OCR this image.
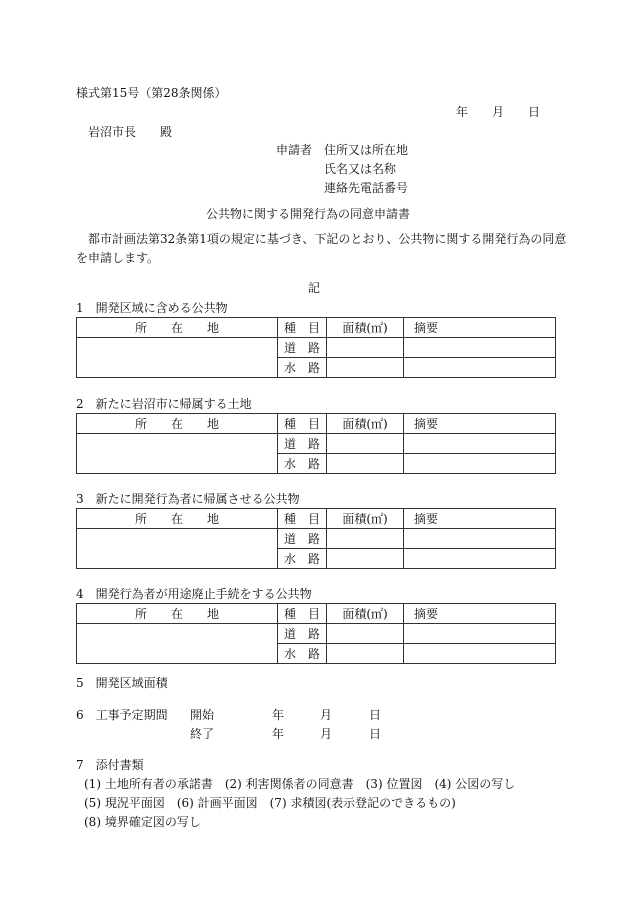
様式第15号（第28条関係）
年　　月　　日
岩沼市長　　殿
申請者 住所又は所在地
氏名又は名称
連絡先電話番号
公共物に関する開発行為の同意申請書
都市計画法第32条第1項の規定に基づき、下記のとおり、公共物に関する開発行為の同意
を申請します。
記
1　開発区域に含める公共物
所　　在　　地	種　目	面積(㎡)	摘要
	道　路		
	水　路		
2　新たに岩沼市に帰属する土地
所　　在　　地	種　目	面積(㎡)	摘要
	道　路		
	水　路		
3　新たに開発行為者に帰属させる公共物
所　　在　　地	種　目	面積(㎡)	摘要
	道　路		
	水　路		
4　開発行為者が用途廃止手続をする公共物
所　　在　　地	種　目	面積(㎡)	摘要
	道　路		
	水　路		
5　開発区域面積
6　工事予定期間 開始	年	月	日
終了	年	月	日
7　添付書類
(1) 土地所有者の承諾書　(2) 利害関係者の同意書　(3) 位置図　(4) 公図の写し
(5) 現況平面図　(6) 計画平面図　(7) 求積図(表示登記のできるもの)
(8) 境界確定図の写し
